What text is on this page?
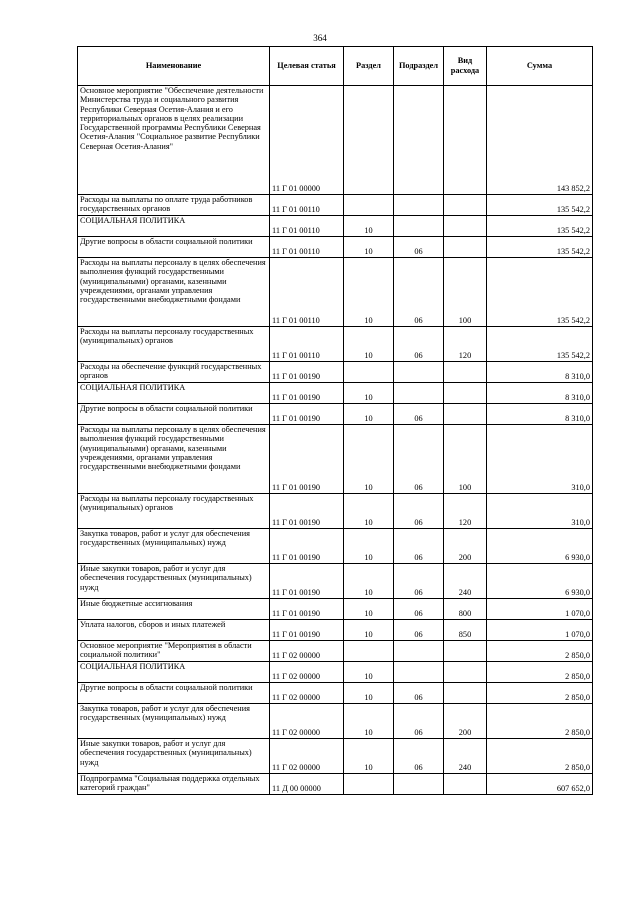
364
Наименование	Целевая статья	Раздел	Подраздел	Вид расхода	Сумма
Основное мероприятие "Обеспечение деятельности Министерства труда и социального развития Республики Северная Осетия-Алания и его территориальных органов в целях реализации Государственной программы Республики Северная Осетия-Алания "Социальное развитие Республики Северная Осетия-Алания"	11 Г 01 00000				143 852,2
Расходы на выплаты по оплате труда работников государственных органов	11 Г 01 00110				135 542,2
СОЦИАЛЬНАЯ ПОЛИТИКА	11 Г 01 00110	10			135 542,2
Другие вопросы в области социальной политики	11 Г 01 00110	10	06		135 542,2
Расходы на выплаты персоналу в целях обеспечения выполнения функций государственными (муниципальными) органами, казенными учреждениями, органами управления государственными внебюджетными фондами	11 Г 01 00110	10	06	100	135 542,2
Расходы на выплаты персоналу государственных (муниципальных) органов	11 Г 01 00110	10	06	120	135 542,2
Расходы на обеспечение функций государственных органов	11 Г 01 00190				8 310,0
СОЦИАЛЬНАЯ ПОЛИТИКА	11 Г 01 00190	10			8 310,0
Другие вопросы в области социальной политики	11 Г 01 00190	10	06		8 310,0
Расходы на выплаты персоналу в целях обеспечения выполнения функций государственными (муниципальными) органами, казенными учреждениями, органами управления государственными внебюджетными фондами	11 Г 01 00190	10	06	100	310,0
Расходы на выплаты персоналу государственных (муниципальных) органов	11 Г 01 00190	10	06	120	310,0
Закупка товаров, работ и услуг для обеспечения государственных (муниципальных) нужд	11 Г 01 00190	10	06	200	6 930,0
Иные закупки товаров, работ и услуг для обеспечения государственных (муниципальных) нужд	11 Г 01 00190	10	06	240	6 930,0
Иные бюджетные ассигнования	11 Г 01 00190	10	06	800	1 070,0
Уплата налогов, сборов и иных платежей	11 Г 01 00190	10	06	850	1 070,0
Основное мероприятие "Мероприятия в области социальной политики"	11 Г 02 00000				2 850,0
СОЦИАЛЬНАЯ ПОЛИТИКА	11 Г 02 00000	10			2 850,0
Другие вопросы в области социальной политики	11 Г 02 00000	10	06		2 850,0
Закупка товаров, работ и услуг для обеспечения государственных (муниципальных) нужд	11 Г 02 00000	10	06	200	2 850,0
Иные закупки товаров, работ и услуг для обеспечения государственных (муниципальных) нужд	11 Г 02 00000	10	06	240	2 850,0
Подпрограмма "Социальная поддержка отдельных категорий граждан"	11 Д 00 00000				607 652,0
